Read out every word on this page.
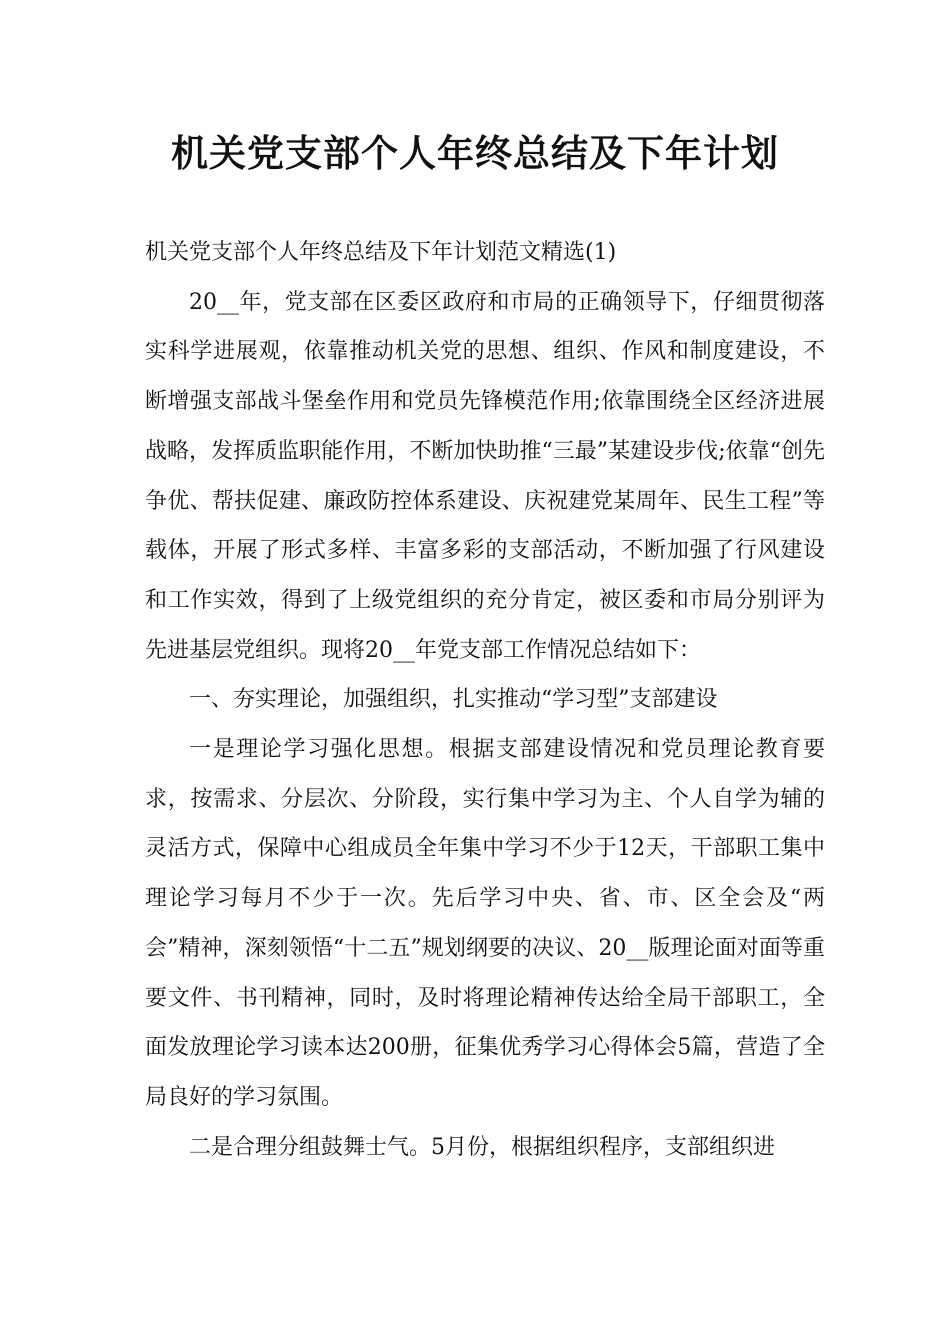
机关党支部个人年终总结及下年计划

机关党支部个人年终总结及下年计划范文精选(1)

20__年，党支部在区委区政府和市局的正确领导下，仔细贯彻落实科学进展观，依靠推动机关党的思想、组织、作风和制度建设，不断增强支部战斗堡垒作用和党员先锋模范作用;依靠围绕全区经济进展战略，发挥质监职能作用，不断加快助推“三最”某建设步伐;依靠“创先争优、帮扶促建、廉政防控体系建设、庆祝建党某周年、民生工程”等载体，开展了形式多样、丰富多彩的支部活动，不断加强了行风建设和工作实效，得到了上级党组织的充分肯定，被区委和市局分别评为先进基层党组织。现将20__年党支部工作情况总结如下：

一、夯实理论，加强组织，扎实推动“学习型”支部建设

一是理论学习强化思想。根据支部建设情况和党员理论教育要求，按需求、分层次、分阶段，实行集中学习为主、个人自学为辅的灵活方式，保障中心组成员全年集中学习不少于12天，干部职工集中理论学习每月不少于一次。先后学习中央、省、市、区全会及“两会”精神，深刻领悟“十二五”规划纲要的决议、20__版理论面对面等重要文件、书刊精神，同时，及时将理论精神传达给全局干部职工，全面发放理论学习读本达200册，征集优秀学习心得体会5篇，营造了全局良好的学习氛围。

二是合理分组鼓舞士气。5月份，根据组织程序，支部组织进
